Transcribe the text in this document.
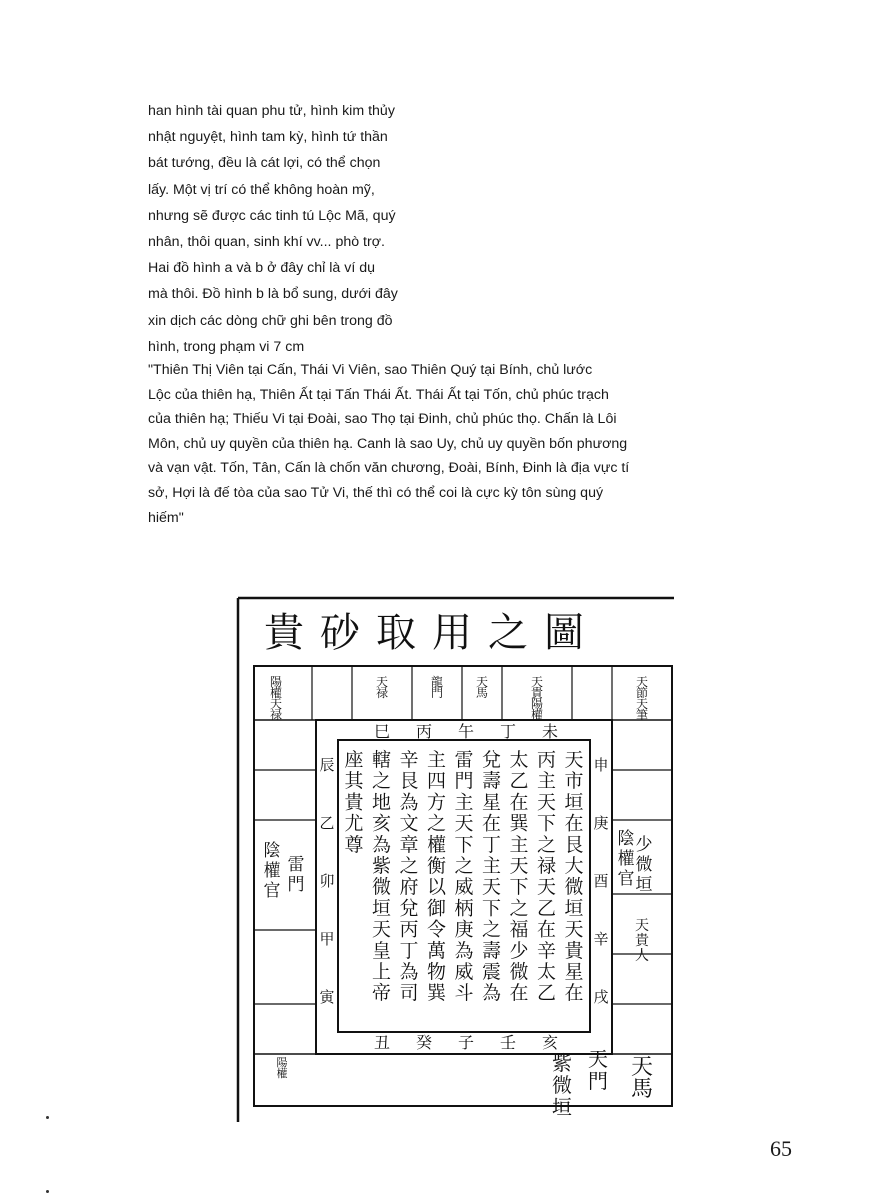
han hình tài quan phu tử, hình kim thủy
nhật nguyệt, hình tam kỳ, hình tứ thần
bát tướng, đều là cát lợi, có thể chọn
lấy. Một vị trí có thể không hoàn mỹ,
nhưng sẽ được các tinh tú Lộc Mã, quý
nhân, thôi quan, sinh khí vv... phò trợ.
Hai đồ hình a và b ở đây chỉ là ví dụ
mà thôi. Đồ hình b là bổ sung, dưới đây
xin dịch các dòng chữ ghi bên trong đồ
hình, trong phạm vi 7 cm
"Thiên Thị Viên tại Cấn, Thái Vi Viên, sao Thiên Quý tại Bính, chủ lước
Lộc của thiên hạ, Thiên Ất tại Tấn Thái Ất. Thái Ất tại Tốn, chủ phúc trạch
của thiên hạ; Thiếu Vi tại Đoài, sao Thọ tại Đinh, chủ phúc thọ. Chấn là Lôi
Môn, chủ uy quyền của thiên hạ. Canh là sao Uy, chủ uy quyền bốn phương
và vạn vật. Tốn, Tân, Cấn là chốn văn chương, Đoài, Bính, Đinh là địa vực tí
sở, Hợi là đế tòa của sao Tử Vi, thế thì có thể coi là cực kỳ tôn sùng quý
hiếm"
貴砂取用之圖
天市垣在艮大微垣天貴星在
丙主天下之禄天乙在辛太乙
太乙在巽主天下之福少微在
兌壽星在丁主天下之壽震為
雷門主天下之威柄庚為威斗
主四方之權衡以御令萬物巽
辛艮為文章之府兌丙丁為司
轄之地亥為紫微垣天皇上帝
座其貴尤尊
巳 丙 午 丁 未
丑 癸 子 壬 亥
辰
乙
卯
甲
寅
申
庚
酉
辛
戌
陽權天禄
天禄
龍門
天馬
天貴陽權
天節天筆
陰權官
雷門
陽權
少微垣
陰權官
天貴人
紫微垣
天門
天馬
65
